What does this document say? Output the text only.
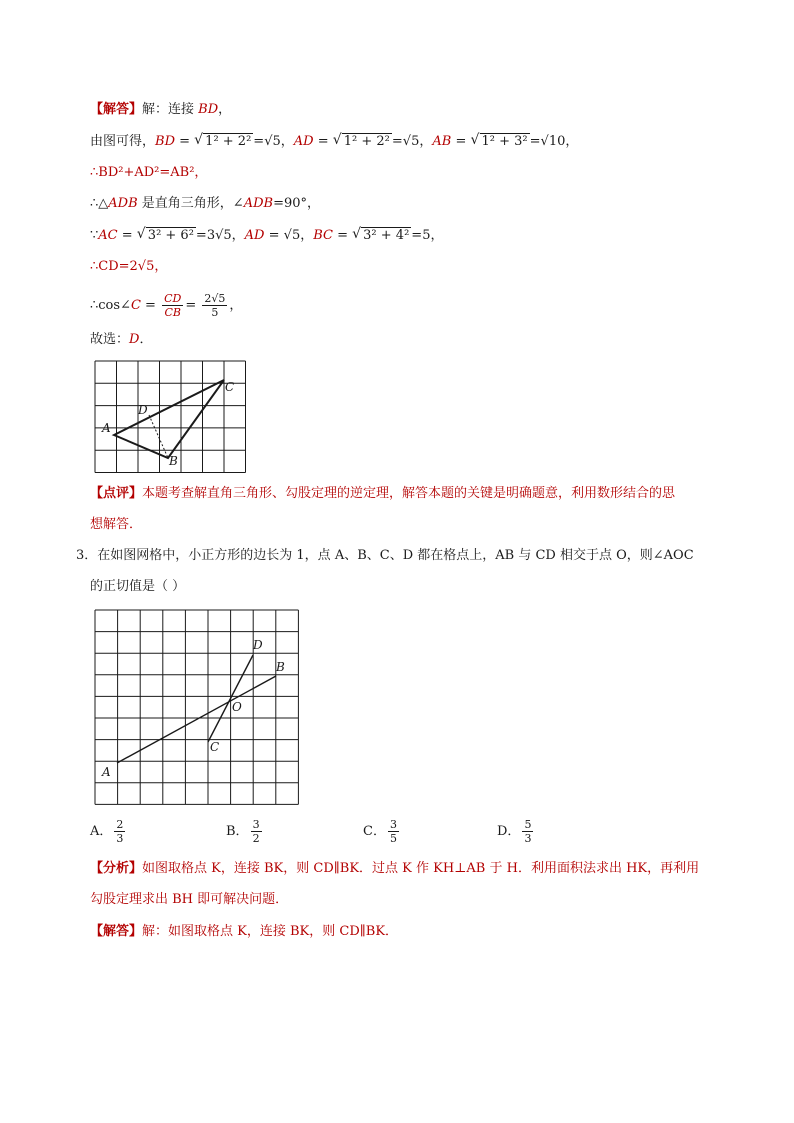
【解答】解：连接 BD，
由图可得，BD = √ 1² + 2² =√5，AD = √ 1² + 2² =√5，AB = √ 1² + 3² =√10，
∴BD²+AD²=AB²，
∴△ADB 是直角三角形，∠ADB=90°，
∵AC = √ 3² + 6² =3√5，AD = √5，BC = √ 3² + 4² =5，
∴CD=2√5，
∴cos∠C = $\frac{CD}{CB} = \frac{2√5}{5}$ ，
故选：D．
C
D
A
B
【点评】本题考查解直角三角形、勾股定理的逆定理，解答本题的关键是明确题意，利用数形结合的思
想解答．
3．在如图网格中，小正方形的边长为 1，点 A、B、C、D 都在格点上，AB 与 CD 相交于点 O，则∠AOC
的正切值是（ ）
D
B
O
C
A
A． $\frac{2}{3}$	B． $\frac{3}{2}$	C． $\frac{3}{5}$	D． $\frac{5}{3}$
【分析】如图取格点 K，连接 BK，则 CD∥BK．过点 K 作 KH⊥AB 于 H．利用面积法求出 HK，再利用
勾股定理求出 BH 即可解决问题．
【解答】解：如图取格点 K，连接 BK，则 CD∥BK．
